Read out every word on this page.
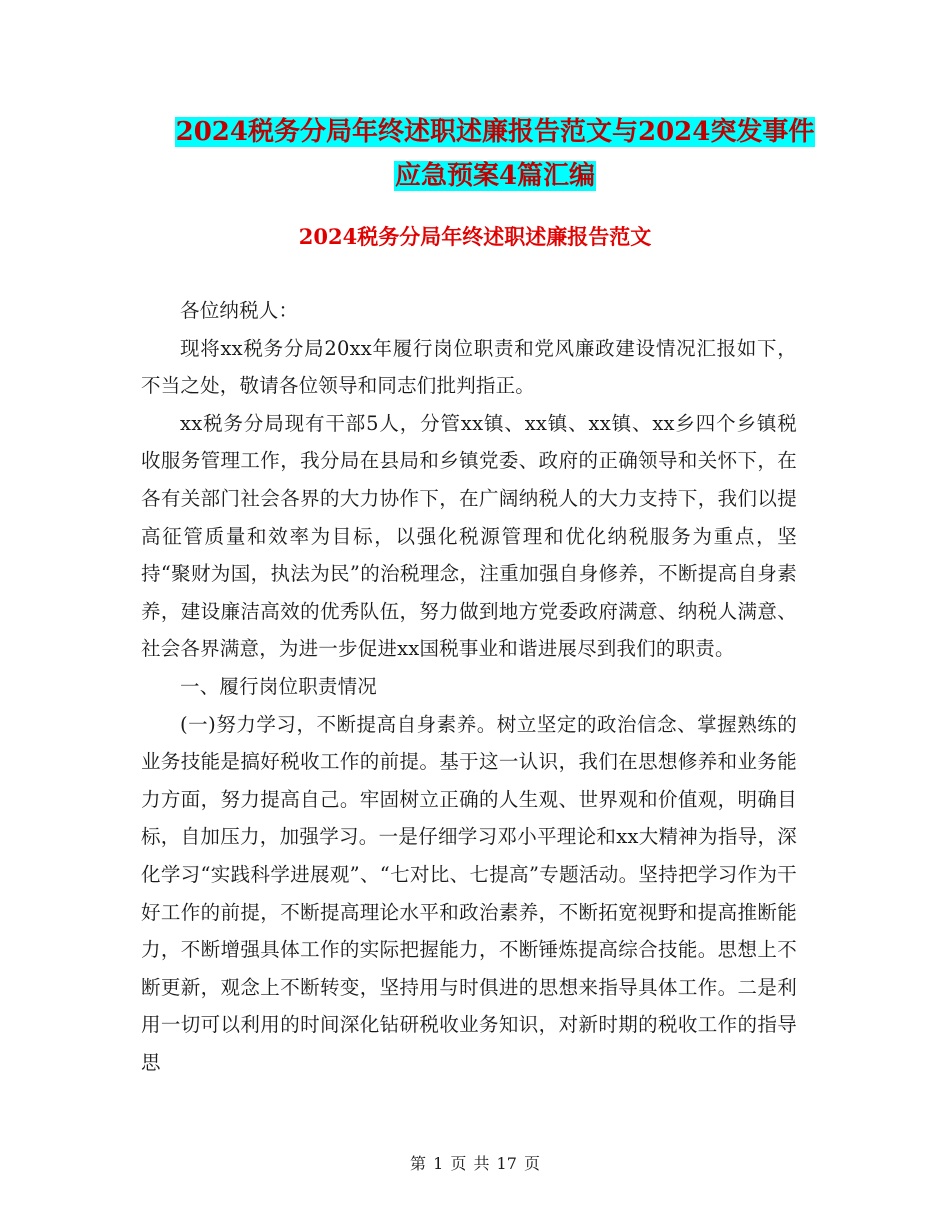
2024税务分局年终述职述廉报告范文与2024突发事件
应急预案4篇汇编
2024税务分局年终述职述廉报告范文

各位纳税人：

现将xx税务分局20xx年履行岗位职责和党风廉政建设情况汇报如下，不当之处，敬请各位领导和同志们批判指正。

xx税务分局现有干部5人，分管xx镇、xx镇、xx镇、xx乡四个乡镇税收服务管理工作，我分局在县局和乡镇党委、政府的正确领导和关怀下，在各有关部门社会各界的大力协作下，在广阔纳税人的大力支持下，我们以提高征管质量和效率为目标，以强化税源管理和优化纳税服务为重点，坚持“聚财为国，执法为民”的治税理念，注重加强自身修养，不断提高自身素养，建设廉洁高效的优秀队伍，努力做到地方党委政府满意、纳税人满意、社会各界满意，为进一步促进xx国税事业和谐进展尽到我们的职责。

一、履行岗位职责情况

(一)努力学习，不断提高自身素养。树立坚定的政治信念、掌握熟练的业务技能是搞好税收工作的前提。基于这一认识，我们在思想修养和业务能力方面，努力提高自己。牢固树立正确的人生观、世界观和价值观，明确目标，自加压力，加强学习。一是仔细学习邓小平理论和xx大精神为指导，深化学习“实践科学进展观”、“七对比、七提高”专题活动。坚持把学习作为干好工作的前提，不断提高理论水平和政治素养，不断拓宽视野和提高推断能力，不断增强具体工作的实际把握能力，不断锤炼提高综合技能。思想上不断更新，观念上不断转变，坚持用与时俱进的思想来指导具体工作。二是利用一切可以利用的时间深化钻研税收业务知识，对新时期的税收工作的指导思

第 1 页 共 17 页
